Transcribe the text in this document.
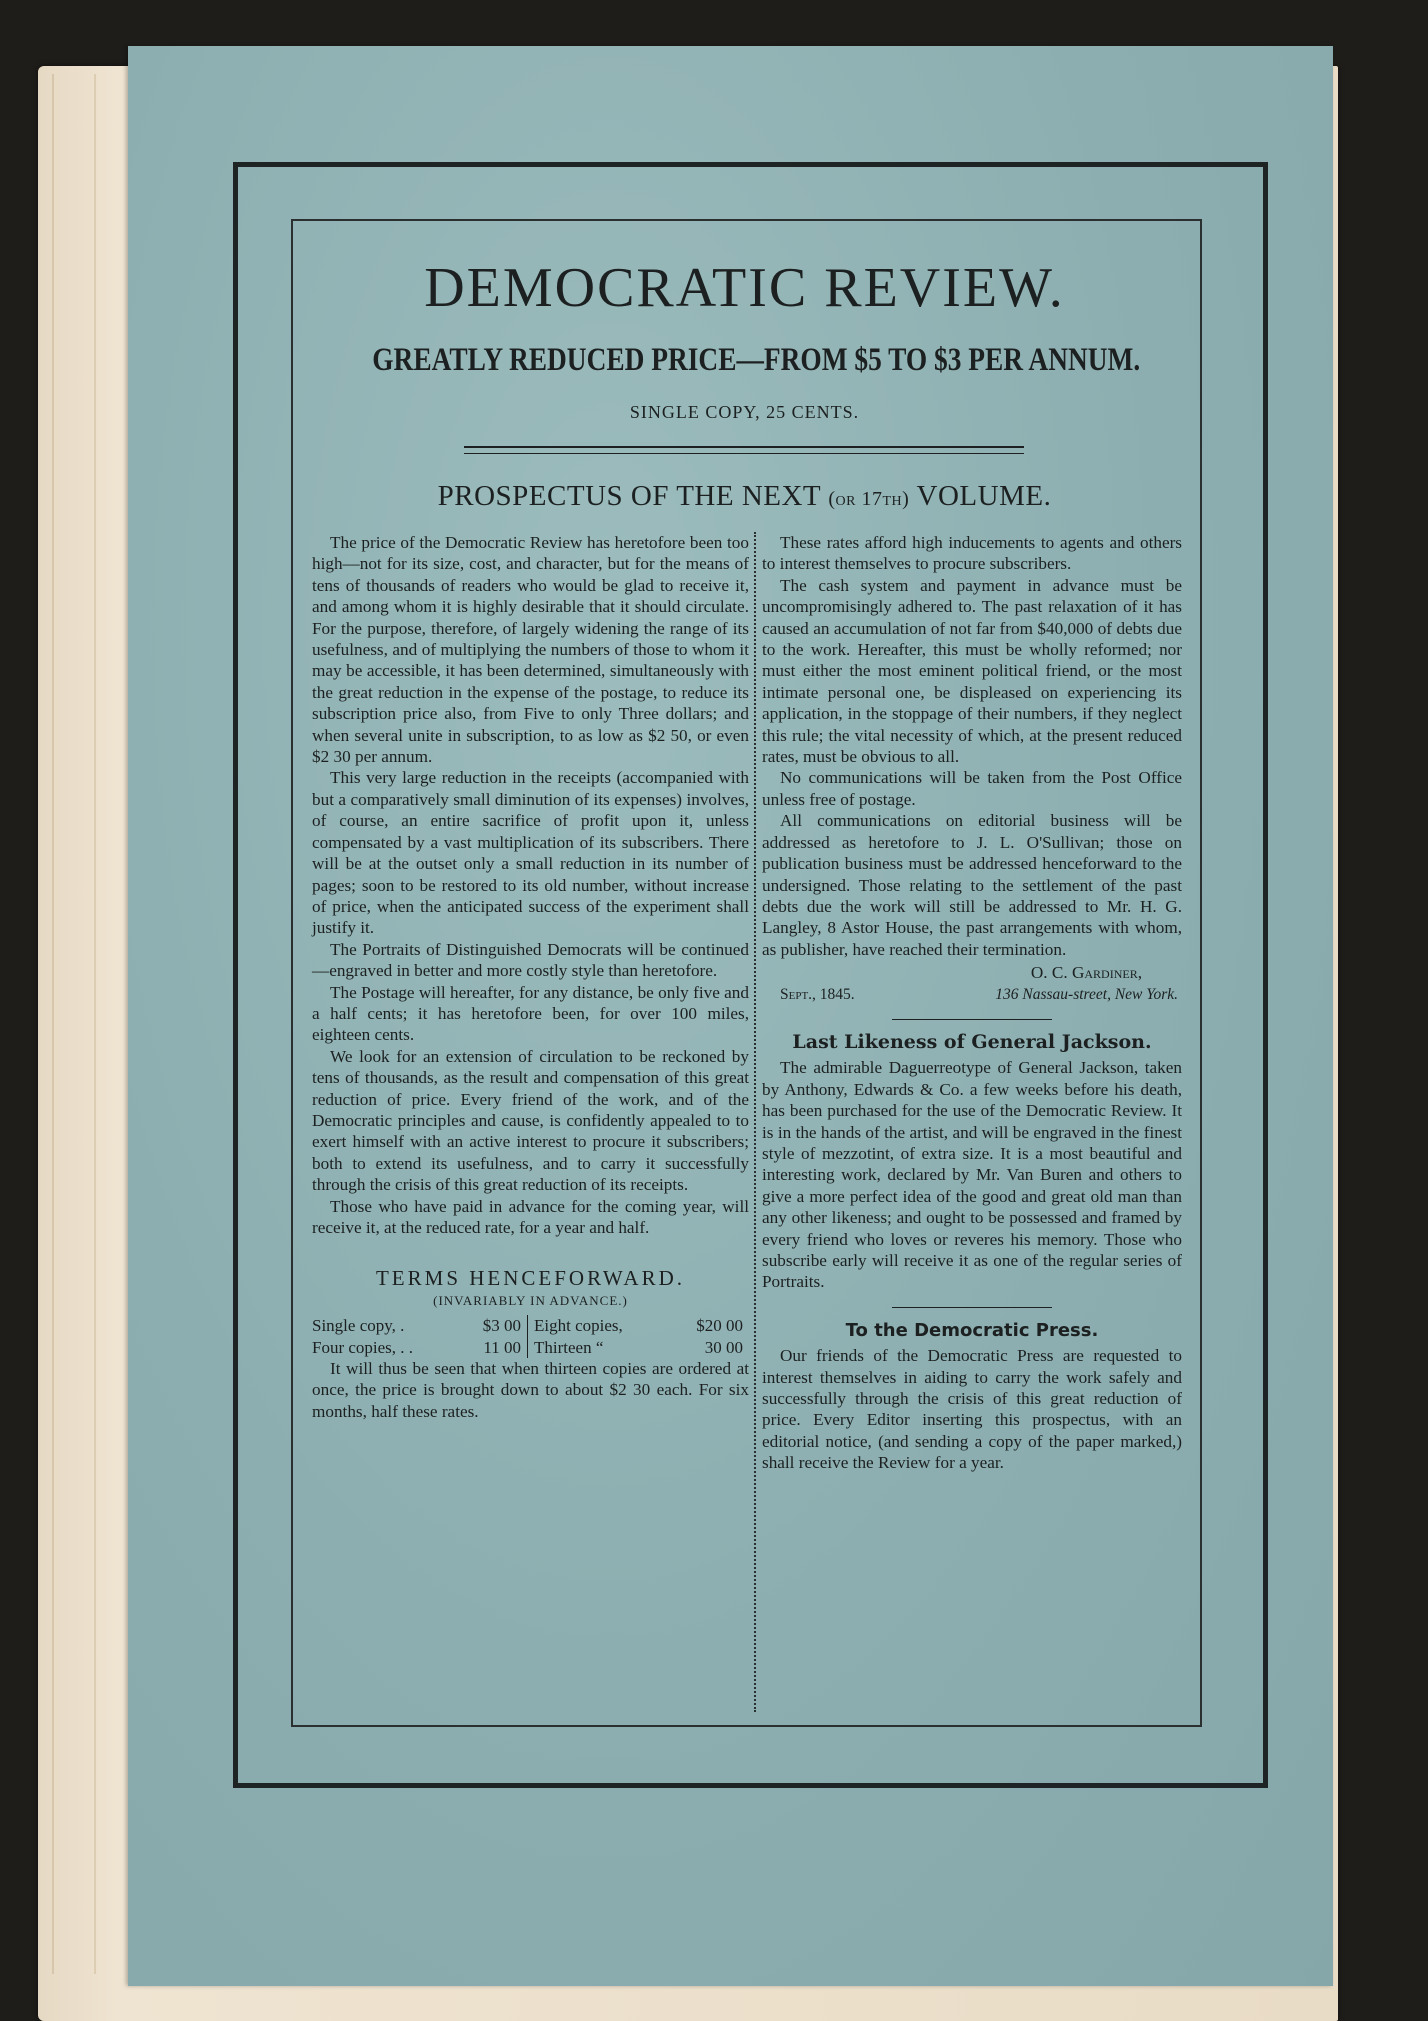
DEMOCRATIC REVIEW.
GREATLY REDUCED PRICE—FROM $5 TO $3 PER ANNUM.
SINGLE COPY, 25 CENTS.
PROSPECTUS OF THE NEXT (or 17th) VOLUME.

The price of the Democratic Review has heretofore been too high—not for its size, cost, and character, but for the means of tens of thousands of readers who would be glad to receive it, and among whom it is highly desirable that it should circulate. For the purpose, therefore, of largely widening the range of its usefulness, and of multiplying the numbers of those to whom it may be accessible, it has been determined, simultaneously with the great reduction in the expense of the postage, to reduce its subscription price also, from Five to only Three dollars; and when several unite in subscription, to as low as $2 50, or even $2 30 per annum.

This very large reduction in the receipts (accompanied with but a comparatively small diminution of its expenses) involves, of course, an entire sacrifice of profit upon it, unless compensated by a vast multiplication of its subscribers. There will be at the outset only a small reduction in its number of pages; soon to be restored to its old number, without increase of price, when the anticipated success of the experiment shall justify it.

The Portraits of Distinguished Democrats will be continued—engraved in better and more costly style than heretofore.

The Postage will hereafter, for any distance, be only five and a half cents; it has heretofore been, for over 100 miles, eighteen cents.

We look for an extension of circulation to be reckoned by tens of thousands, as the result and compensation of this great reduction of price. Every friend of the work, and of the Democratic principles and cause, is confidently appealed to to exert himself with an active interest to procure it subscribers; both to extend its usefulness, and to carry it successfully through the crisis of this great reduction of its receipts.

Those who have paid in advance for the coming year, will receive it, at the reduced rate, for a year and half.

TERMS HENCEFORWARD.
(INVARIABLY IN ADVANCE.)
Single copy, .	$3 00
Four copies, . .	11 00
Eight copies,	$20 00
Thirteen “	30 00

It will thus be seen that when thirteen copies are ordered at once, the price is brought down to about $2 30 each. For six months, half these rates.

These rates afford high inducements to agents and others to interest themselves to procure subscribers.

The cash system and payment in advance must be uncompromisingly adhered to. The past relaxation of it has caused an accumulation of not far from $40,000 of debts due to the work. Hereafter, this must be wholly reformed; nor must either the most eminent political friend, or the most intimate personal one, be displeased on experiencing its application, in the stoppage of their numbers, if they neglect this rule; the vital necessity of which, at the present reduced rates, must be obvious to all.

No communications will be taken from the Post Office unless free of postage.

All communications on editorial business will be addressed as heretofore to J. L. O'Sullivan; those on publication business must be addressed henceforward to the undersigned. Those relating to the settlement of the past debts due the work will still be addressed to Mr. H. G. Langley, 8 Astor House, the past arrangements with whom, as publisher, have reached their termination.

O. C. Gardiner,
Sept., 1845.	136 Nassau-street, New York.
Last Likeness of General Jackson.

The admirable Daguerreotype of General Jackson, taken by Anthony, Edwards & Co. a few weeks before his death, has been purchased for the use of the Democratic Review. It is in the hands of the artist, and will be engraved in the finest style of mezzotint, of extra size. It is a most beautiful and interesting work, declared by Mr. Van Buren and others to give a more perfect idea of the good and great old man than any other likeness; and ought to be possessed and framed by every friend who loves or reveres his memory. Those who subscribe early will receive it as one of the regular series of Portraits.

To the Democratic Press.

Our friends of the Democratic Press are requested to interest themselves in aiding to carry the work safely and successfully through the crisis of this great reduction of price. Every Editor inserting this prospectus, with an editorial notice, (and sending a copy of the paper marked,) shall receive the Review for a year.
